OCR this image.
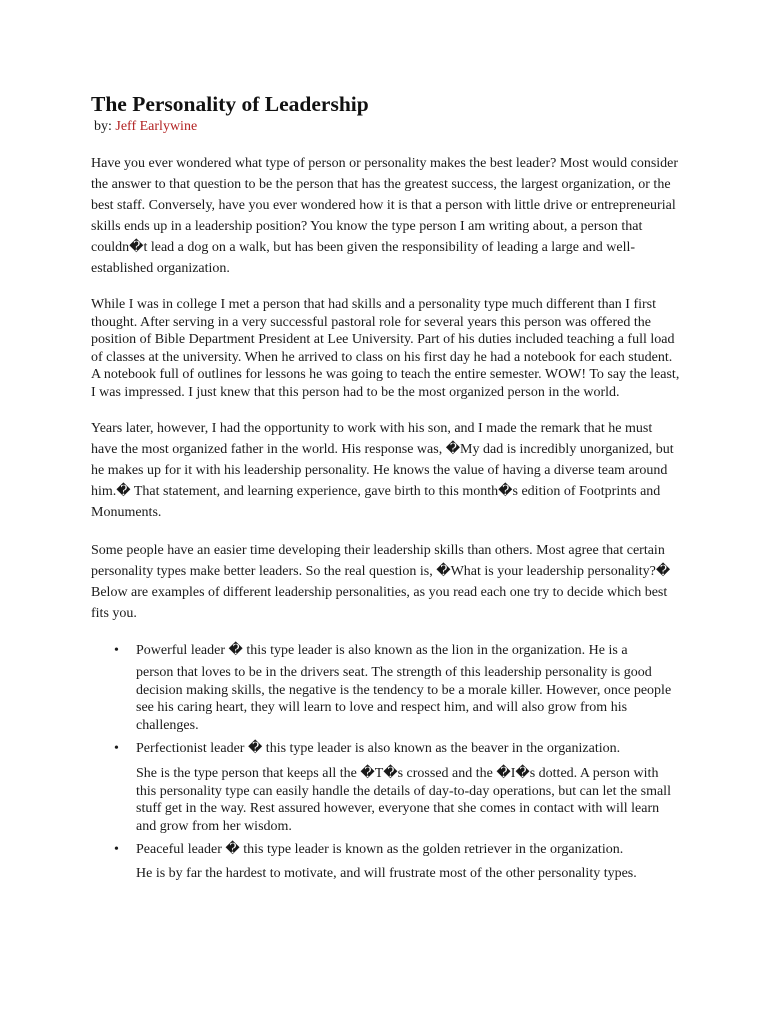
The Personality of Leadership
by: Jeff Earlywine

Have you ever wondered what type of person or personality makes the best leader? Most would consider the answer to that question to be the person that has the greatest success, the largest organization, or the best staff. Conversely, have you ever wondered how it is that a person with little drive or entrepreneurial skills ends up in a leadership position? You know the type person I am writing about, a person that couldn�t lead a dog on a walk, but has been given the responsibility of leading a large and well-established organization.

While I was in college I met a person that had skills and a personality type much different than I first thought. After serving in a very successful pastoral role for several years this person was offered the position of Bible Department President at Lee University. Part of his duties included teaching a full load of classes at the university. When he arrived to class on his first day he had a notebook for each student. A notebook full of outlines for lessons he was going to teach the entire semester. WOW! To say the least, I was impressed. I just knew that this person had to be the most organized person in the world.

Years later, however, I had the opportunity to work with his son, and I made the remark that he must have the most organized father in the world. His response was, �My dad is incredibly unorganized, but he makes up for it with his leadership personality. He knows the value of having a diverse team around him.� That statement, and learning experience, gave birth to this month�s edition of Footprints and Monuments.

Some people have an easier time developing their leadership skills than others. Most agree that certain personality types make better leaders. So the real question is, �What is your leadership personality?� Below are examples of different leadership personalities, as you read each one try to decide which best fits you.

• Powerful leader � this type leader is also known as the lion in the organization. He is a
person that loves to be in the drivers seat. The strength of this leadership personality is good decision making skills, the negative is the tendency to be a morale killer. However, once people see his caring heart, they will learn to love and respect him, and will also grow from his challenges.
• Perfectionist leader � this type leader is also known as the beaver in the organization.
She is the type person that keeps all the �T�s crossed and the �I�s dotted. A person with this personality type can easily handle the details of day-to-day operations, but can let the small stuff get in the way. Rest assured however, everyone that she comes in contact with will learn and grow from her wisdom.
• Peaceful leader � this type leader is known as the golden retriever in the organization.
He is by far the hardest to motivate, and will frustrate most of the other personality types.
